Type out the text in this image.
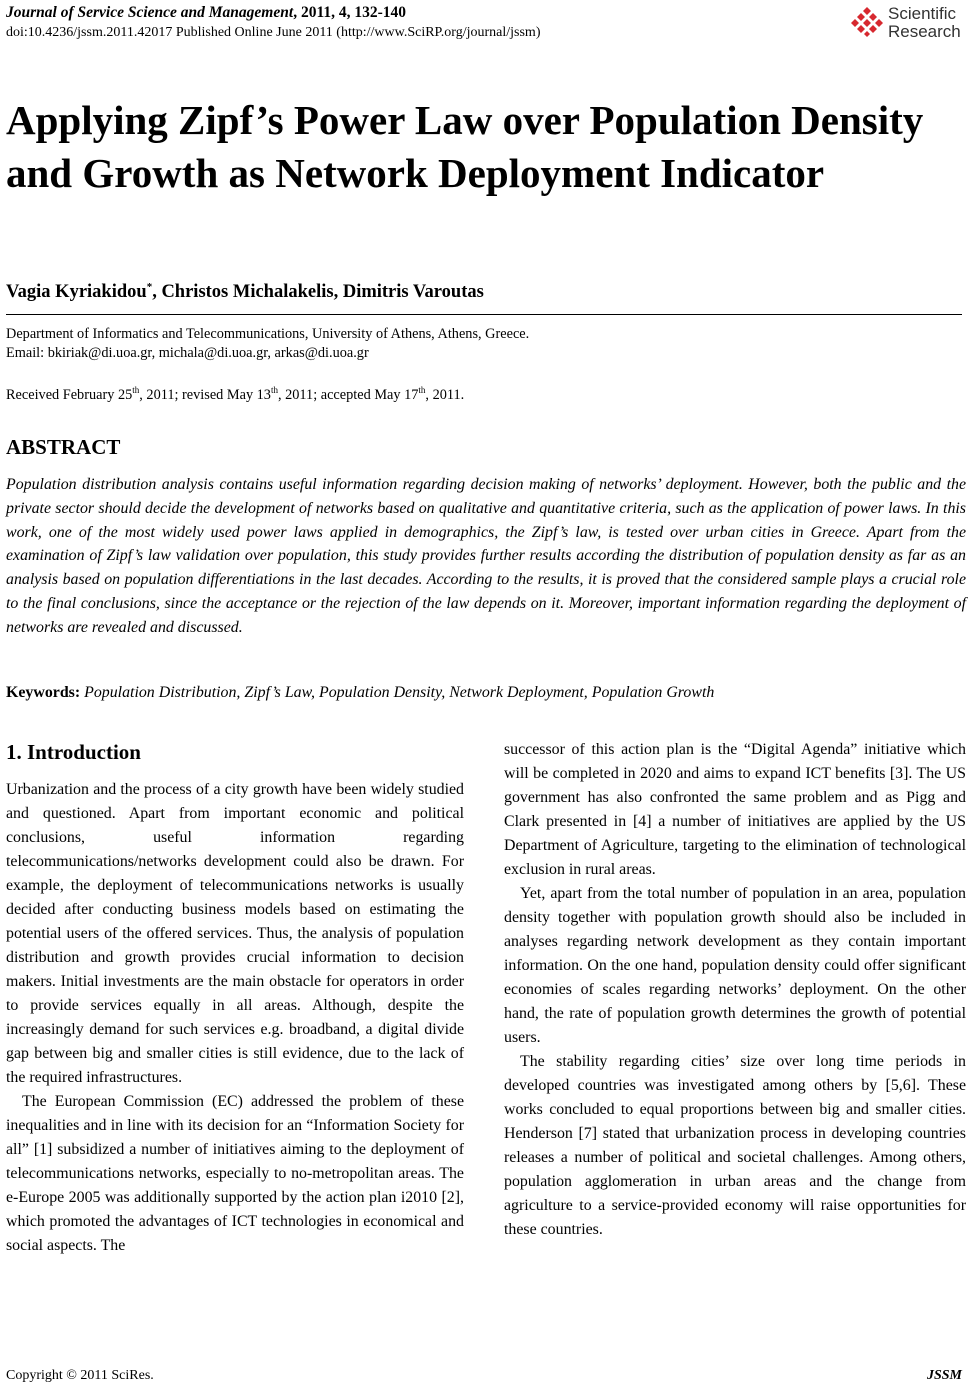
Journal of Service Science and Management, 2011, 4, 132-140
doi:10.4236/jssm.2011.42017 Published Online June 2011 (http://www.SciRP.org/journal/jssm)
Scientific
Research
Applying Zipf’s Power Law over Population Density and Growth as Network Deployment Indicator
Vagia Kyriakidou*, Christos Michalakelis, Dimitris Varoutas
Department of Informatics and Telecommunications, University of Athens, Athens, Greece.
Email: bkiriak@di.uoa.gr, michala@di.uoa.gr, arkas@di.uoa.gr
Received February 25th, 2011; revised May 13th, 2011; accepted May 17th, 2011.
ABSTRACT
Population distribution analysis contains useful information regarding decision making of networks’ deployment. However, both the public and the private sector should decide the development of networks based on qualitative and quantitative criteria, such as the application of power laws. In this work, one of the most widely used power laws applied in demographics, the Zipf’s law, is tested over urban cities in Greece. Apart from the examination of Zipf’s law validation over population, this study provides further results according the distribution of population density as far as an analysis based on population differentiations in the last decades. According to the results, it is proved that the considered sample plays a crucial role to the final conclusions, since the acceptance or the rejection of the law depends on it. Moreover, important information regarding the deployment of networks are revealed and discussed.
Keywords: Population Distribution, Zipf’s Law, Population Density, Network Deployment, Population Growth
1. Introduction

Urbanization and the process of a city growth have been widely studied and questioned. Apart from important economic and political conclusions, useful information regarding telecommunications/networks development could also be drawn. For example, the deployment of telecommunications networks is usually decided after conducting business models based on estimating the potential users of the offered services. Thus, the analysis of population distribution and growth provides crucial information to decision makers. Initial investments are the main obstacle for operators in order to provide services equally in all areas. Although, despite the increasingly demand for such services e.g. broadband, a digital divide gap between big and smaller cities is still evidence, due to the lack of the required infrastructures.

The European Commission (EC) addressed the problem of these inequalities and in line with its decision for an “Information Society for all” [1] subsidized a number of initiatives aiming to the deployment of telecommunications networks, especially to no-metropolitan areas. The e-Europe 2005 was additionally supported by the action plan i2010 [2], which promoted the advantages of ICT technologies in economical and social aspects. The

successor of this action plan is the “Digital Agenda” initiative which will be completed in 2020 and aims to expand ICT benefits [3]. The US government has also confronted the same problem and as Pigg and Clark presented in [4] a number of initiatives are applied by the US Department of Agriculture, targeting to the elimination of technological exclusion in rural areas.

Yet, apart from the total number of population in an area, population density together with population growth should also be included in analyses regarding network development as they contain important information. On the one hand, population density could offer significant economies of scales regarding networks’ deployment. On the other hand, the rate of population growth determines the growth of potential users.

The stability regarding cities’ size over long time periods in developed countries was investigated among others by [5,6]. These works concluded to equal proportions between big and smaller cities. Henderson [7] stated that urbanization process in developing countries releases a number of political and societal challenges. Among others, population agglomeration in urban areas and the change from agriculture to a service-provided economy will raise opportunities for these countries.

Copyright © 2011 SciRes.	JSSM
